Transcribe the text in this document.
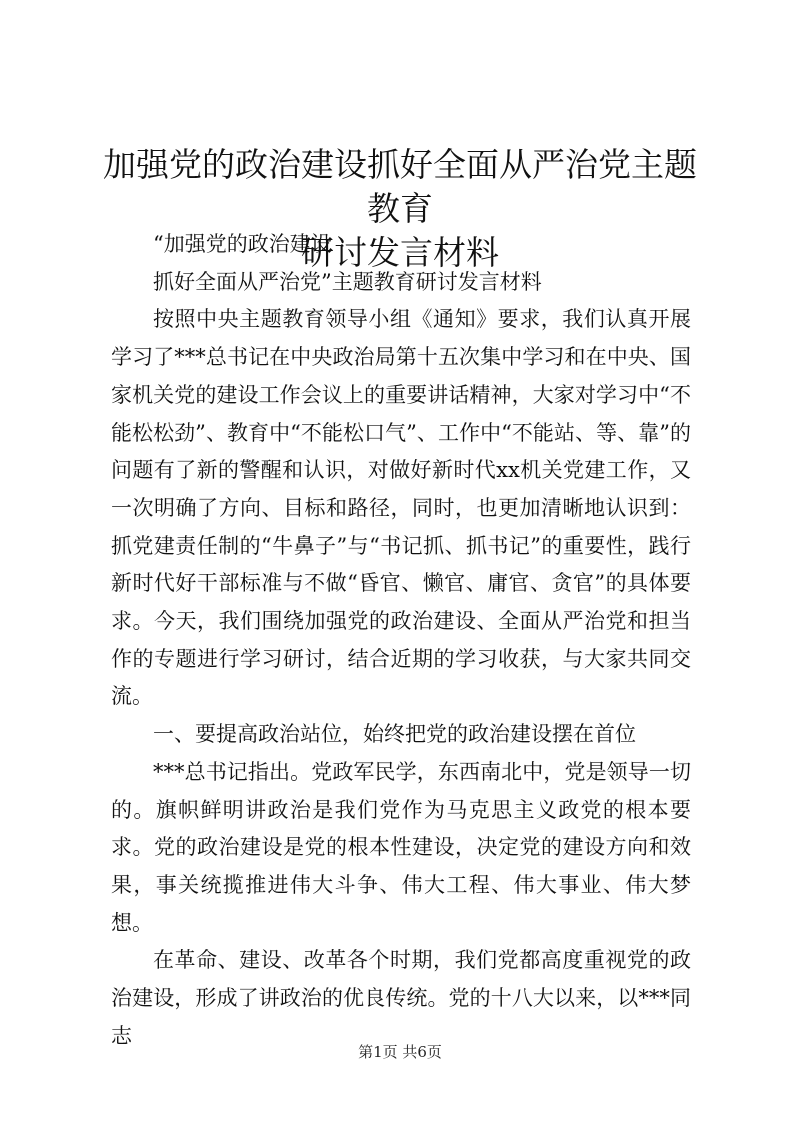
加强党的政治建设抓好全面从严治党主题教育
研讨发言材料

“加强党的政治建设

抓好全面从严治党”主题教育研讨发言材料

按照中央主题教育领导小组《通知》要求，我们认真开展学习了***总书记在中央政治局第十五次集中学习和在中央、国家机关党的建设工作会议上的重要讲话精神，大家对学习中“不能松松劲”、教育中“不能松口气”、工作中“不能站、等、靠”的问题有了新的警醒和认识，对做好新时代xx机关党建工作，又一次明确了方向、目标和路径，同时，也更加清晰地认识到：抓党建责任制的“牛鼻子”与“书记抓、抓书记”的重要性，践行新时代好干部标准与不做“昏官、懒官、庸官、贪官”的具体要求。今天，我们围绕加强党的政治建设、全面从严治党和担当作的专题进行学习研讨，结合近期的学习收获，与大家共同交流。

一、要提高政治站位，始终把党的政治建设摆在首位

***总书记指出。党政军民学，东西南北中，党是领导一切的。旗帜鲜明讲政治是我们党作为马克思主义政党的根本要求。党的政治建设是党的根本性建设，决定党的建设方向和效果，事关统揽推进伟大斗争、伟大工程、伟大事业、伟大梦想。

在革命、建设、改革各个时期，我们党都高度重视党的政治建设，形成了讲政治的优良传统。党的十八大以来，以***同志

第1页 共6页
